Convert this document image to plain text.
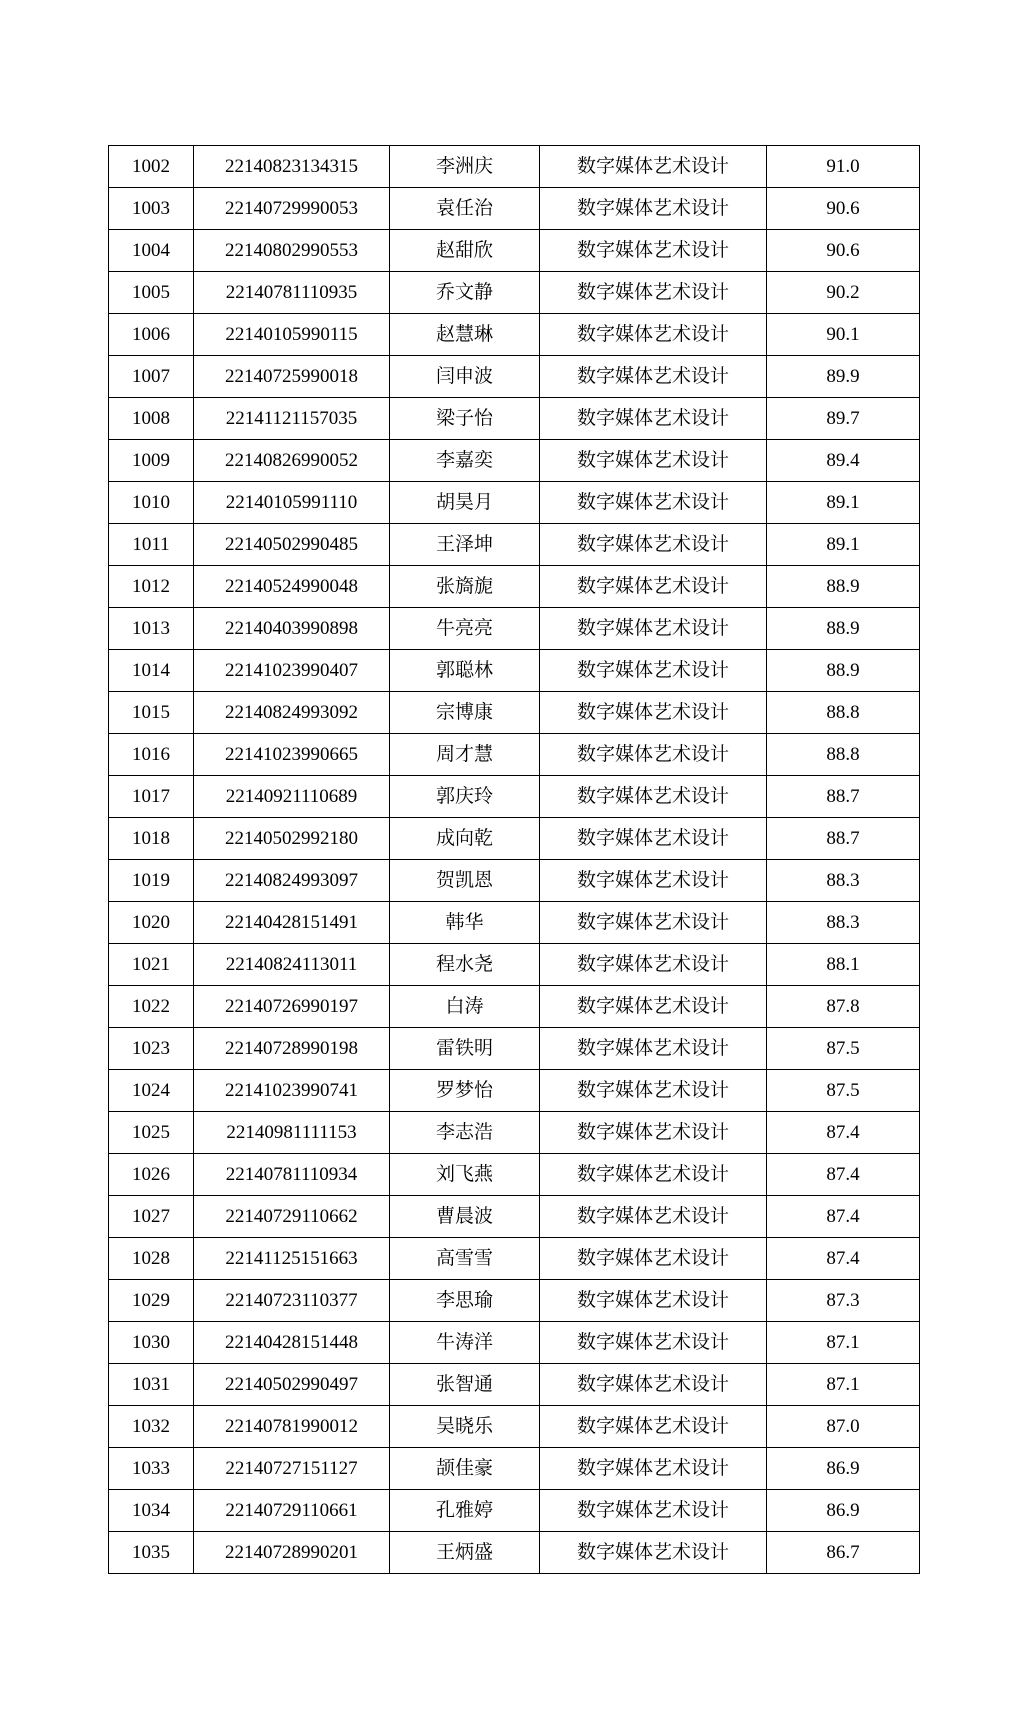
1002	22140823134315	李洲庆	数字媒体艺术设计	91.0
1003	22140729990053	袁任治	数字媒体艺术设计	90.6
1004	22140802990553	赵甜欣	数字媒体艺术设计	90.6
1005	22140781110935	乔文静	数字媒体艺术设计	90.2
1006	22140105990115	赵慧琳	数字媒体艺术设计	90.1
1007	22140725990018	闫申波	数字媒体艺术设计	89.9
1008	22141121157035	梁子怡	数字媒体艺术设计	89.7
1009	22140826990052	李嘉奕	数字媒体艺术设计	89.4
1010	22140105991110	胡昊月	数字媒体艺术设计	89.1
1011	22140502990485	王泽坤	数字媒体艺术设计	89.1
1012	22140524990048	张旖旎	数字媒体艺术设计	88.9
1013	22140403990898	牛亮亮	数字媒体艺术设计	88.9
1014	22141023990407	郭聪林	数字媒体艺术设计	88.9
1015	22140824993092	宗博康	数字媒体艺术设计	88.8
1016	22141023990665	周才慧	数字媒体艺术设计	88.8
1017	22140921110689	郭庆玲	数字媒体艺术设计	88.7
1018	22140502992180	成向乾	数字媒体艺术设计	88.7
1019	22140824993097	贺凯恩	数字媒体艺术设计	88.3
1020	22140428151491	韩华	数字媒体艺术设计	88.3
1021	22140824113011	程水尧	数字媒体艺术设计	88.1
1022	22140726990197	白涛	数字媒体艺术设计	87.8
1023	22140728990198	雷铁明	数字媒体艺术设计	87.5
1024	22141023990741	罗梦怡	数字媒体艺术设计	87.5
1025	22140981111153	李志浩	数字媒体艺术设计	87.4
1026	22140781110934	刘飞燕	数字媒体艺术设计	87.4
1027	22140729110662	曹晨波	数字媒体艺术设计	87.4
1028	22141125151663	高雪雪	数字媒体艺术设计	87.4
1029	22140723110377	李思瑜	数字媒体艺术设计	87.3
1030	22140428151448	牛涛洋	数字媒体艺术设计	87.1
1031	22140502990497	张智通	数字媒体艺术设计	87.1
1032	22140781990012	吴晓乐	数字媒体艺术设计	87.0
1033	22140727151127	颉佳豪	数字媒体艺术设计	86.9
1034	22140729110661	孔雅婷	数字媒体艺术设计	86.9
1035	22140728990201	王炳盛	数字媒体艺术设计	86.7
